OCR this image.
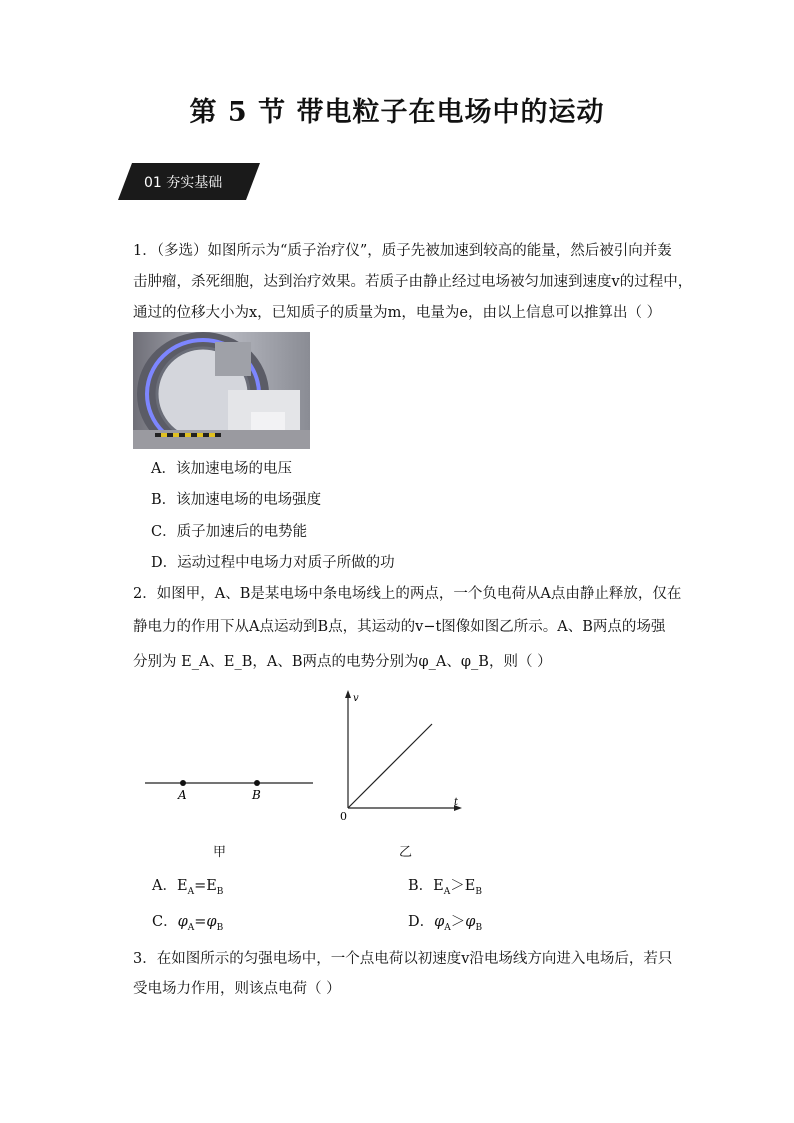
第 5 节 带电粒子在电场中的运动
01 夯实基础
1．（多选）如图所示为“质子治疗仪”，质子先被加速到较高的能量，然后被引向并轰
击肿瘤，杀死细胞，达到治疗效果。若质子由静止经过电场被匀加速到速度v的过程中，
通过的位移大小为x，已知质子的质量为m，电量为e，由以上信息可以推算出（ ）
A．该加速电场的电压
B．该加速电场的电场强度
C．质子加速后的电势能
D．运动过程中电场力对质子所做的功
2．如图甲，A、B是某电场中条电场线上的两点，一个负电荷从A点由静止释放，仅在
静电力的作用下从A点运动到B点，其运动的v−t图像如图乙所示。A、B两点的场强
分别为 E_A、E_B，A、B两点的电势分别为φ_A、φ_B，则（ ）
A	B
甲
v
t
0
乙
A．$E_A=E_B$	B．$E_A>E_B$
C．$\varphi_A=\varphi_B$	D．$\varphi_A>\varphi_B$
3．在如图所示的匀强电场中，一个点电荷以初速度v沿电场线方向进入电场后，若只
受电场力作用，则该点电荷（ ）
